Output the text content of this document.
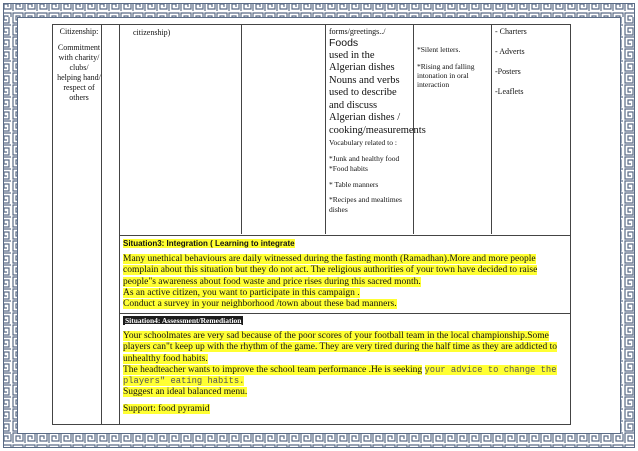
Citizenship:

Commitment with charity/ clubs/ helping hand/ respect of others

citizenship)	forms/greetings../ Foods
used in the Algerian dishes
Nouns and verbs used to describe and discuss Algerian dishes / cooking/measurements
Vocabulary related to :
*Junk and healthy food
*Food habits
* Table manners
*Recipes and mealtimes dishes
*Silent letters.
*Rising and falling intonation in oral interaction
- Charters
- Adverts
-Posters
-Leaflets
Situation3: Integration ( Learning to integrate
Many unethical behaviours are daily witnessed during the fasting month (Ramadhan).More and more people
complain about this situation but they do not act. The religious authorities of your town have decided to raise
people"s awareness about food waste and price rises during this sacred month.
As an active citizen, you want to participate in this campaign .
Conduct a survey in your neighborhood /town about these bad manners.
Situation4: Assessment/Remediation
Your schoolmates are very sad because of the poor scores of your football team in the local championship.Some
players can"t keep up with the rhythm of the game. They are very tired during the half time as they are addicted to
unhealthy food habits.
The headteacher wants to improve the school team performance .He is seeking your advice to change the
players" eating habits.
Suggest an ideal balanced menu.
Support: food pyramid
